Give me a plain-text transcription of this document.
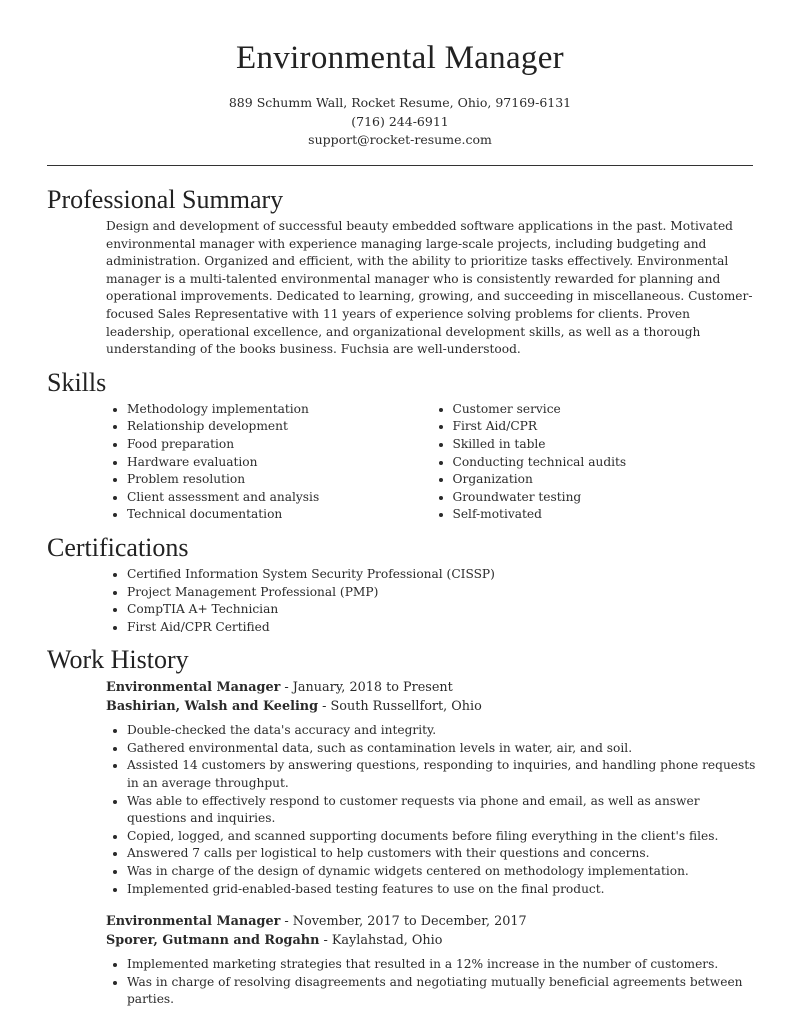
Environmental Manager
889 Schumm Wall, Rocket Resume, Ohio, 97169-6131
(716) 244-6911
support@rocket-resume.com
Professional Summary
Design and development of successful beauty embedded software applications in the past. Motivated environmental manager with experience managing large-scale projects, including budgeting and administration. Organized and efficient, with the ability to prioritize tasks effectively. Environmental manager is a multi-talented environmental manager who is consistently rewarded for planning and operational improvements. Dedicated to learning, growing, and succeeding in miscellaneous. Customer-focused Sales Representative with 11 years of experience solving problems for clients. Proven leadership, operational excellence, and organizational development skills, as well as a thorough understanding of the books business. Fuchsia are well-understood.
Skills
• Methodology implementation
• Relationship development
• Food preparation
• Hardware evaluation
• Problem resolution
• Client assessment and analysis
• Technical documentation
• Customer service
• First Aid/CPR
• Skilled in table
• Conducting technical audits
• Organization
• Groundwater testing
• Self-motivated
Certifications
• Certified Information System Security Professional (CISSP)
• Project Management Professional (PMP)
• CompTIA A+ Technician
• First Aid/CPR Certified
Work History
Environmental Manager - January, 2018 to Present
Bashirian, Walsh and Keeling - South Russellfort, Ohio
• Double-checked the data's accuracy and integrity.
• Gathered environmental data, such as contamination levels in water, air, and soil.
• Assisted 14 customers by answering questions, responding to inquiries, and handling phone requests in an average throughput.
• Was able to effectively respond to customer requests via phone and email, as well as answer questions and inquiries.
• Copied, logged, and scanned supporting documents before filing everything in the client's files.
• Answered 7 calls per logistical to help customers with their questions and concerns.
• Was in charge of the design of dynamic widgets centered on methodology implementation.
• Implemented grid-enabled-based testing features to use on the final product.
Environmental Manager - November, 2017 to December, 2017
Sporer, Gutmann and Rogahn - Kaylahstad, Ohio
• Implemented marketing strategies that resulted in a 12% increase in the number of customers.
• Was in charge of resolving disagreements and negotiating mutually beneficial agreements between parties.
